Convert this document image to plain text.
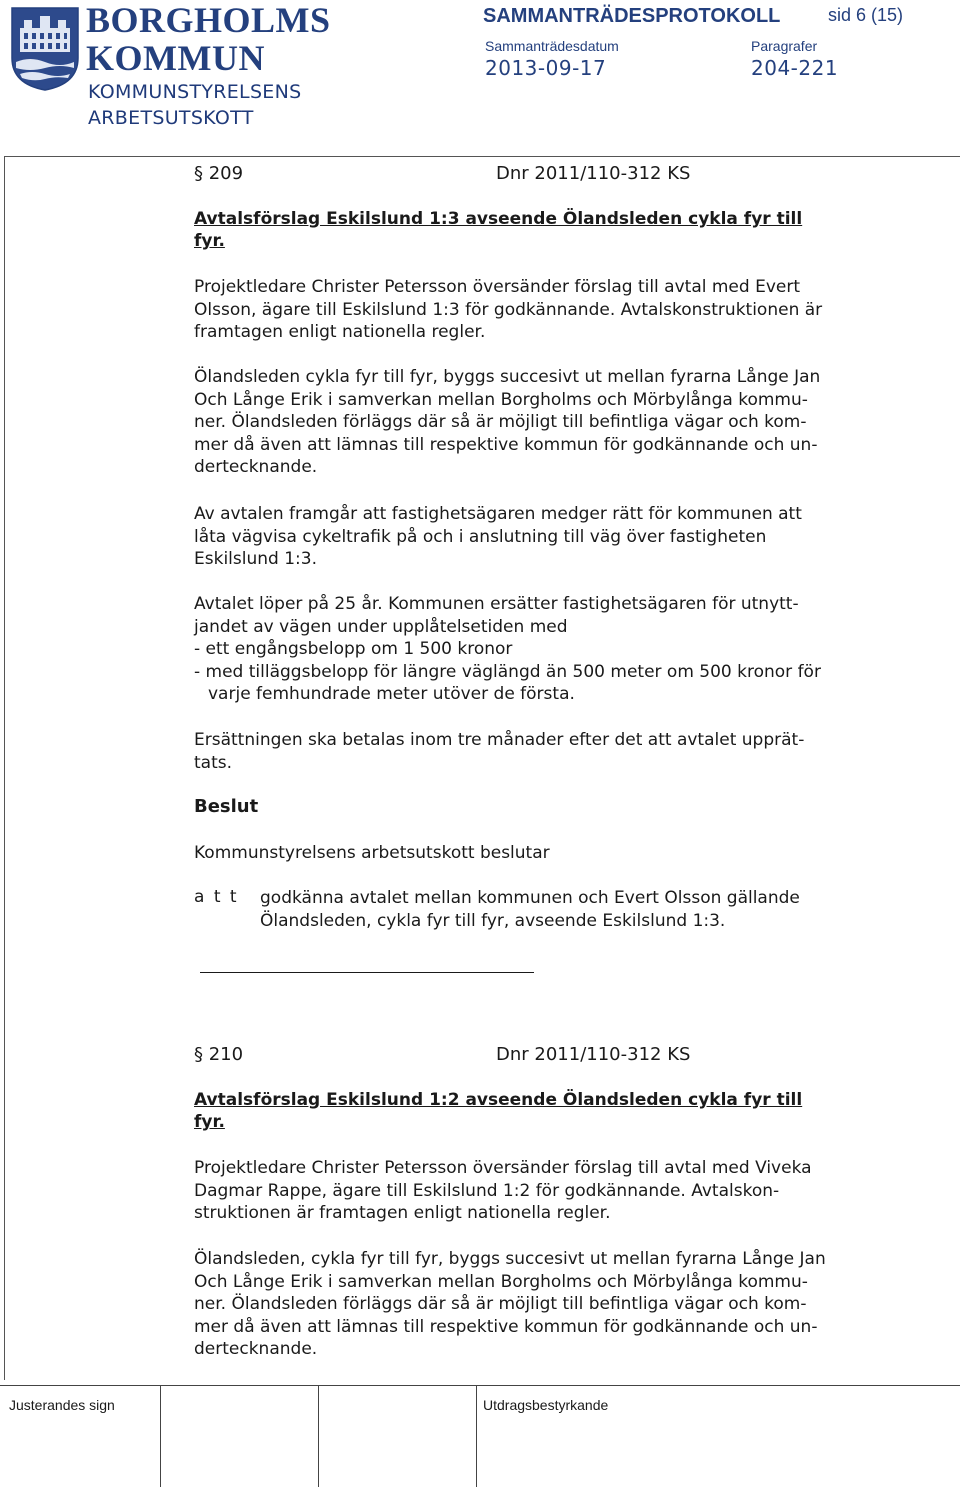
BORGHOLMS
KOMMUN
KOMMUNSTYRELSENS
ARBETSUTSKOTT
SAMMANTRÄDESPROTOKOLL	sid 6 (15)
Sammanträdesdatum
2013-09-17
Paragrafer
204-221
§ 209	Dnr 2011/110-312 KS
Avtalsförslag Eskilslund 1:3 avseende Ölandsleden cykla fyr till
fyr.
Projektledare Christer Petersson översänder förslag till avtal med Evert
Olsson, ägare till Eskilslund 1:3 för godkännande. Avtalskonstruktionen är
framtagen enligt nationella regler.
Ölandsleden cykla fyr till fyr, byggs succesivt ut mellan fyrarna Långe Jan
Och Långe Erik i samverkan mellan Borgholms och Mörbylånga kommu-
ner. Ölandsleden förläggs där så är möjligt till befintliga vägar och kom-
mer då även att lämnas till respektive kommun för godkännande och un-
dertecknande.
Av avtalen framgår att fastighetsägaren medger rätt för kommunen att
låta vägvisa cykeltrafik på och i anslutning till väg över fastigheten
Eskilslund 1:3.
Avtalet löper på 25 år. Kommunen ersätter fastighetsägaren för utnytt-
jandet av vägen under upplåtelsetiden med
- ett engångsbelopp om 1 500 kronor
- med tilläggsbelopp för längre väglängd än 500 meter om 500 kronor för
varje femhundrade meter utöver de första.
Ersättningen ska betalas inom tre månader efter det att avtalet upprät-
tats.
Beslut
Kommunstyrelsens arbetsutskott beslutar
a t t godkänna avtalet mellan kommunen och Evert Olsson gällande
Ölandsleden, cykla fyr till fyr, avseende Eskilslund 1:3.
§ 210	Dnr 2011/110-312 KS
Avtalsförslag Eskilslund 1:2 avseende Ölandsleden cykla fyr till
fyr.
Projektledare Christer Petersson översänder förslag till avtal med Viveka
Dagmar Rappe, ägare till Eskilslund 1:2 för godkännande. Avtalskon-
struktionen är framtagen enligt nationella regler.
Ölandsleden, cykla fyr till fyr, byggs succesivt ut mellan fyrarna Långe Jan
Och Långe Erik i samverkan mellan Borgholms och Mörbylånga kommu-
ner. Ölandsleden förläggs där så är möjligt till befintliga vägar och kom-
mer då även att lämnas till respektive kommun för godkännande och un-
dertecknande.
Justerandes sign	Utdragsbestyrkande
